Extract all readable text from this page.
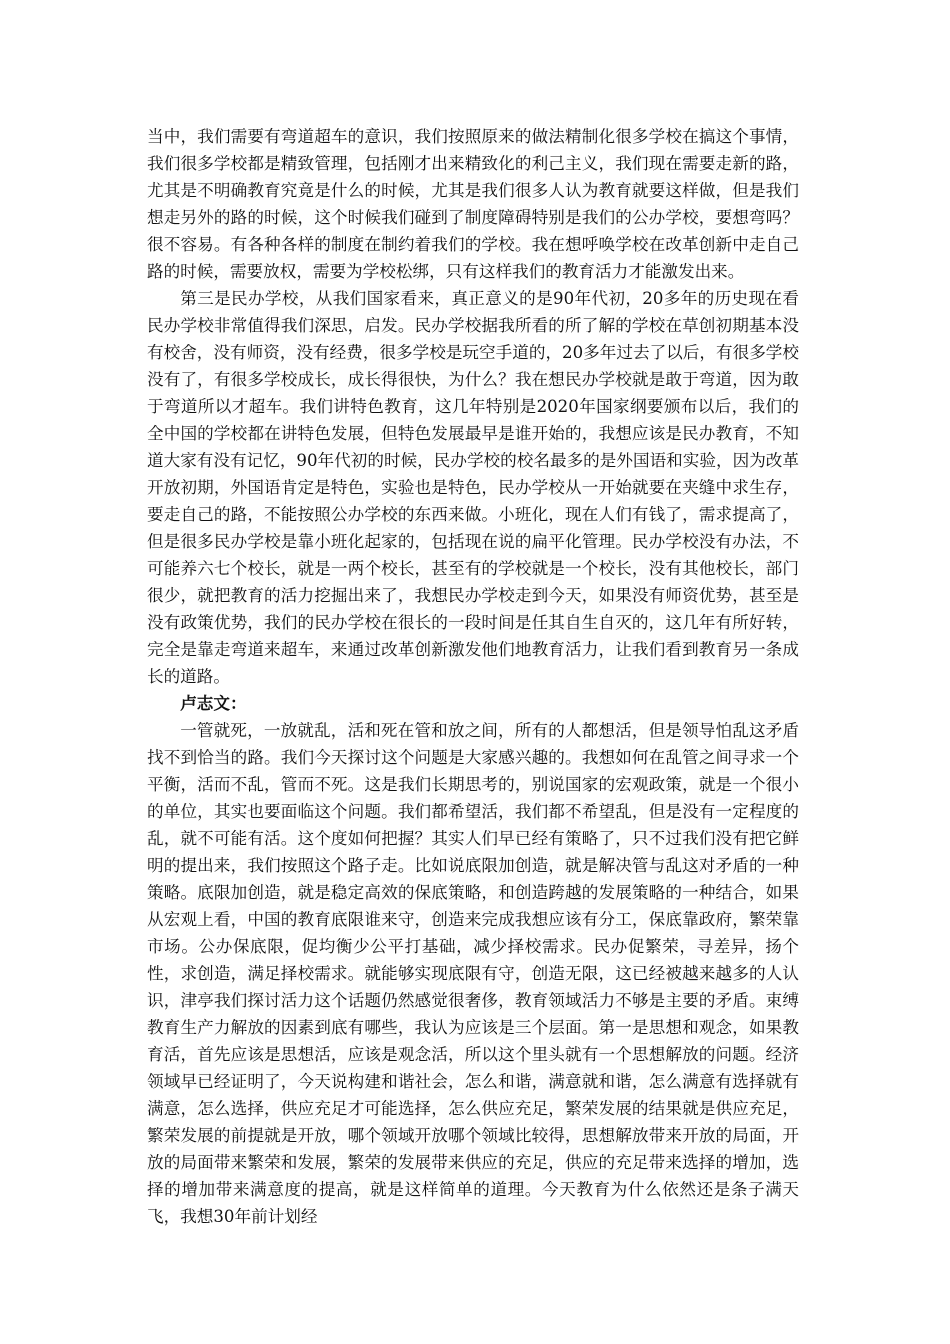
当中，我们需要有弯道超车的意识，我们按照原来的做法精制化很多学校在搞这个事情，我们很多学校都是精致管理，包括刚才出来精致化的利己主义，我们现在需要走新的路，尤其是不明确教育究竟是什么的时候，尤其是我们很多人认为教育就要这样做，但是我们想走另外的路的时候，这个时候我们碰到了制度障碍特别是我们的公办学校，要想弯吗？很不容易。有各种各样的制度在制约着我们的学校。我在想呼唤学校在改革创新中走自己路的时候，需要放权，需要为学校松绑，只有这样我们的教育活力才能激发出来。

第三是民办学校，从我们国家看来，真正意义的是90年代初，20多年的历史现在看民办学校非常值得我们深思，启发。民办学校据我所看的所了解的学校在草创初期基本没有校舍，没有师资，没有经费，很多学校是玩空手道的，20多年过去了以后，有很多学校没有了，有很多学校成长，成长得很快，为什么？我在想民办学校就是敢于弯道，因为敢于弯道所以才超车。我们讲特色教育，这几年特别是2020年国家纲要颁布以后，我们的全中国的学校都在讲特色发展，但特色发展最早是谁开始的，我想应该是民办教育，不知道大家有没有记忆，90年代初的时候，民办学校的校名最多的是外国语和实验，因为改革开放初期，外国语肯定是特色，实验也是特色，民办学校从一开始就要在夹缝中求生存，要走自己的路，不能按照公办学校的东西来做。小班化，现在人们有钱了，需求提高了，但是很多民办学校是靠小班化起家的，包括现在说的扁平化管理。民办学校没有办法，不可能养六七个校长，就是一两个校长，甚至有的学校就是一个校长，没有其他校长，部门很少，就把教育的活力挖掘出来了，我想民办学校走到今天，如果没有师资优势，甚至是没有政策优势，我们的民办学校在很长的一段时间是任其自生自灭的，这几年有所好转，完全是靠走弯道来超车，来通过改革创新激发他们地教育活力，让我们看到教育另一条成长的道路。

卢志文：

一管就死，一放就乱，活和死在管和放之间，所有的人都想活，但是领导怕乱这矛盾找不到恰当的路。我们今天探讨这个问题是大家感兴趣的。我想如何在乱管之间寻求一个平衡，活而不乱，管而不死。这是我们长期思考的，别说国家的宏观政策，就是一个很小的单位，其实也要面临这个问题。我们都希望活，我们都不希望乱，但是没有一定程度的乱，就不可能有活。这个度如何把握？其实人们早已经有策略了，只不过我们没有把它鲜明的提出来，我们按照这个路子走。比如说底限加创造，就是解决管与乱这对矛盾的一种策略。底限加创造，就是稳定高效的保底策略，和创造跨越的发展策略的一种结合，如果从宏观上看，中国的教育底限谁来守，创造来完成我想应该有分工，保底靠政府，繁荣靠市场。公办保底限，促均衡少公平打基础，减少择校需求。民办促繁荣，寻差异，扬个性，求创造，满足择校需求。就能够实现底限有守，创造无限，这已经被越来越多的人认识，津亭我们探讨活力这个话题仍然感觉很奢侈，教育领域活力不够是主要的矛盾。束缚教育生产力解放的因素到底有哪些，我认为应该是三个层面。第一是思想和观念，如果教育活，首先应该是思想活，应该是观念活，所以这个里头就有一个思想解放的问题。经济领域早已经证明了，今天说构建和谐社会，怎么和谐，满意就和谐，怎么满意有选择就有满意，怎么选择，供应充足才可能选择，怎么供应充足，繁荣发展的结果就是供应充足，繁荣发展的前提就是开放，哪个领域开放哪个领域比较得，思想解放带来开放的局面，开放的局面带来繁荣和发展，繁荣的发展带来供应的充足，供应的充足带来选择的增加，选择的增加带来满意度的提高，就是这样简单的道理。今天教育为什么依然还是条子满天飞，我想30年前计划经
